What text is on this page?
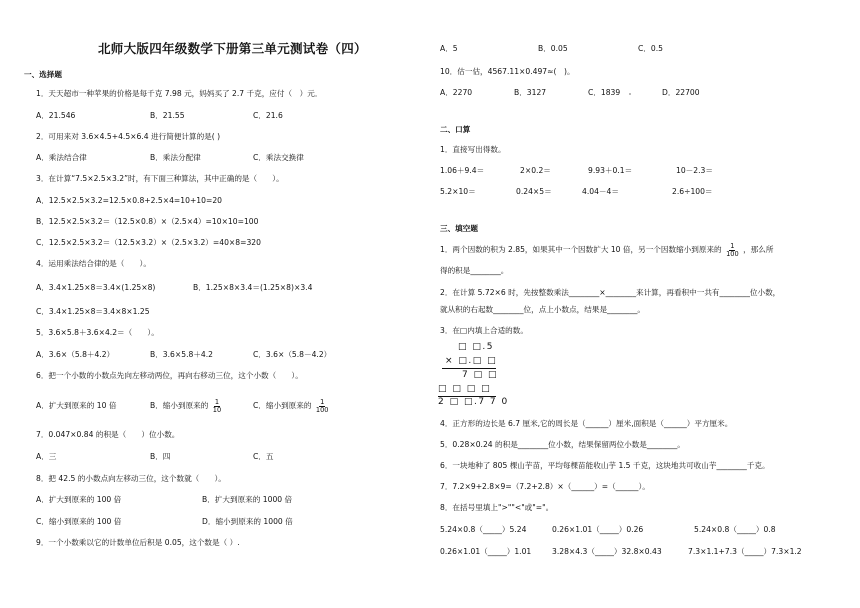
北师大版四年级数学下册第三单元测试卷（四）
一、选择题
1．天天超市一种苹果的价格是每千克 7.98 元，妈妈买了 2.7 千克，应付（　）元．
A．21.546	B．21.55	C．21.6
2．可用来对 3.6×4.5+4.5×6.4 进行简便计算的是( )
A．乘法结合律	B．乘法分配律	C．乘法交换律
3．在计算“7.5×2.5×3.2”时，有下面三种算法，其中正确的是（　　）。
A．12.5×2.5×3.2=12.5×0.8+2.5×4=10+10=20
B．12.5×2.5×3.2＝（12.5×0.8）×（2.5×4）=10×10=100
C．12.5×2.5×3.2＝（12.5×3.2）×（2.5×3.2）=40×8=320
4．运用乘法结合律的是（　　）。
A．3.4×1.25×8＝3.4×(1.25×8)	B．1.25×8×3.4＝(1.25×8)×3.4
C．3.4×1.25×8＝3.4×8×1.25
5．3.6×5.8＋3.6×4.2＝（　　）。
A．3.6×（5.8＋4.2）	B．3.6×5.8＋4.2	C．3.6×（5.8－4.2）
6．把一个小数的小数点先向左移动两位，再向右移动三位，这个小数（　　）。
A．扩大到原来的 10 倍	B．缩小到原来的 $\frac{1}{10}$	C．缩小到原来的 $\frac{1}{100}$
7．0.047×0.84 的积是（　　）位小数。
A．三	B．四	C．五
8．把 42.5 的小数点向左移动三位，这个数就（　　）。
A．扩大到原来的 100 倍	B．扩大到原来的 1000 倍
C．缩小到原来的 100 倍	D．缩小到原来的 1000 倍
9．一个小数乘以它的计数单位后积是 0.05，这个数是（ ）.
A．5	B．0.05	C．0.5
10．估一估，4567.11×0.497≈(　)。
A．2270	B．3127	C．1839	D．22700
二、口算
1．直接写出得数。
1.06＋9.4＝	2×0.2＝	9.93＋0.1＝	10－2.3＝
5.2×10＝	0.24×5＝	4.04－4＝	2.6÷100＝
三、填空题
1．两个因数的积为 2.85，如果其中一个因数扩大 10 倍，另一个因数缩小到原来的 $\frac{1}{100}$ ，那么所
得的积是________。
2．在计算 5.72×6 时，先按整数乘法________×________来计算，再看积中一共有________位小数，
就从积的右起数________位，点上小数点，结果是________。
3．在□内填上合适的数。
□ □.5
× □.□ □
7 □ □
□ □ □ □
2 □ □.7 7 0
4．正方形的边长是 6.7 厘米,它的周长是（______）厘米,面积是（______）平方厘米。
5．0.28×0.24 的积是________位小数，结果保留两位小数是________。
6．一块地种了 805 棵山芋苗，平均每棵苗能收山芋 1.5 千克，这块地共可收山芋________千克。
7．7.2×9+2.8×9=（7.2+2.8）×（______）=（______）。
8．在括号里填上">""<"或"="。
5.24×0.8（_____）5.24	0.26×1.01（_____）0.26	5.24×0.8（_____）0.8
0.26×1.01（_____）1.01	3.28×4.3（_____）32.8×0.43	7.3×1.1+7.3（_____）7.3×1.2
